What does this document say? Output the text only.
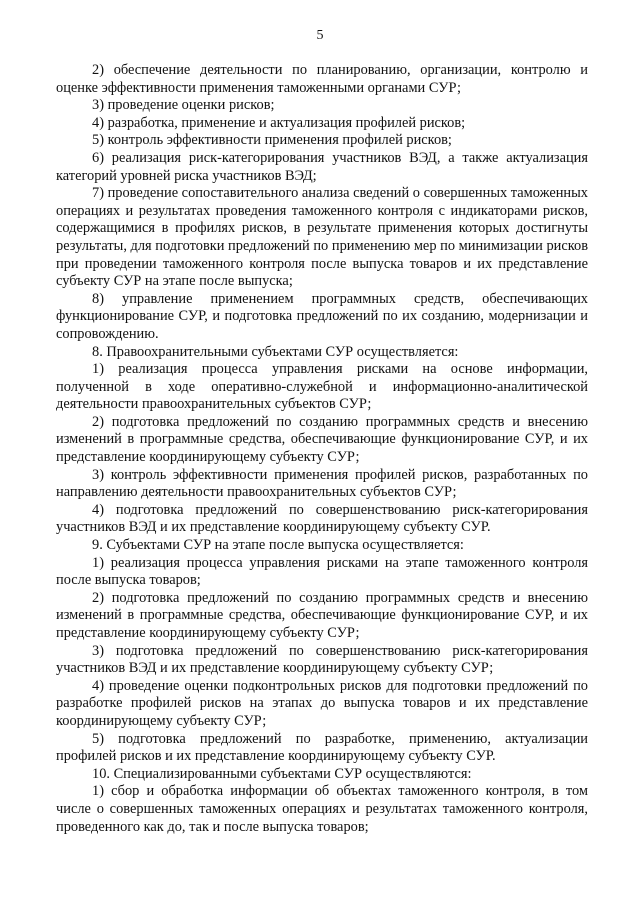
5

2) обеспечение деятельности по планированию, организации, контролю и оценке эффективности применения таможенными органами СУР;

3) проведение оценки рисков;

4) разработка, применение и актуализация профилей рисков;

5) контроль эффективности применения профилей рисков;

6) реализация риск-категорирования участников ВЭД, а также актуализация категорий уровней риска участников ВЭД;

7) проведение сопоставительного анализа сведений о совершенных таможенных операциях и результатах проведения таможенного контроля с индикаторами рисков, содержащимися в профилях рисков, в результате применения которых достигнуты результаты, для подготовки предложений по применению мер по минимизации рисков при проведении таможенного контроля после выпуска товаров и их представление субъекту СУР на этапе после выпуска;

8) управление применением программных средств, обеспечивающих функционирование СУР, и подготовка предложений по их созданию, модернизации и сопровождению.

8. Правоохранительными субъектами СУР осуществляется:

1) реализация процесса управления рисками на основе информации, полученной в ходе оперативно-служебной и информационно-аналитической деятельности правоохранительных субъектов СУР;

2) подготовка предложений по созданию программных средств и внесению изменений в программные средства, обеспечивающие функционирование СУР, и их представление координирующему субъекту СУР;

3) контроль эффективности применения профилей рисков, разработанных по направлению деятельности правоохранительных субъектов СУР;

4) подготовка предложений по совершенствованию риск-категорирования участников ВЭД и их представление координирующему субъекту СУР.

9. Субъектами СУР на этапе после выпуска осуществляется:

1) реализация процесса управления рисками на этапе таможенного контроля после выпуска товаров;

2) подготовка предложений по созданию программных средств и внесению изменений в программные средства, обеспечивающие функционирование СУР, и их представление координирующему субъекту СУР;

3) подготовка предложений по совершенствованию риск-категорирования участников ВЭД и их представление координирующему субъекту СУР;

4) проведение оценки подконтрольных рисков для подготовки предложений по разработке профилей рисков на этапах до выпуска товаров и их представление координирующему субъекту СУР;

5) подготовка предложений по разработке, применению, актуализации профилей рисков и их представление координирующему субъекту СУР.

10. Специализированными субъектами СУР осуществляются:

1) сбор и обработка информации об объектах таможенного контроля, в том числе о совершенных таможенных операциях и результатах таможенного контроля, проведенного как до, так и после выпуска товаров;
